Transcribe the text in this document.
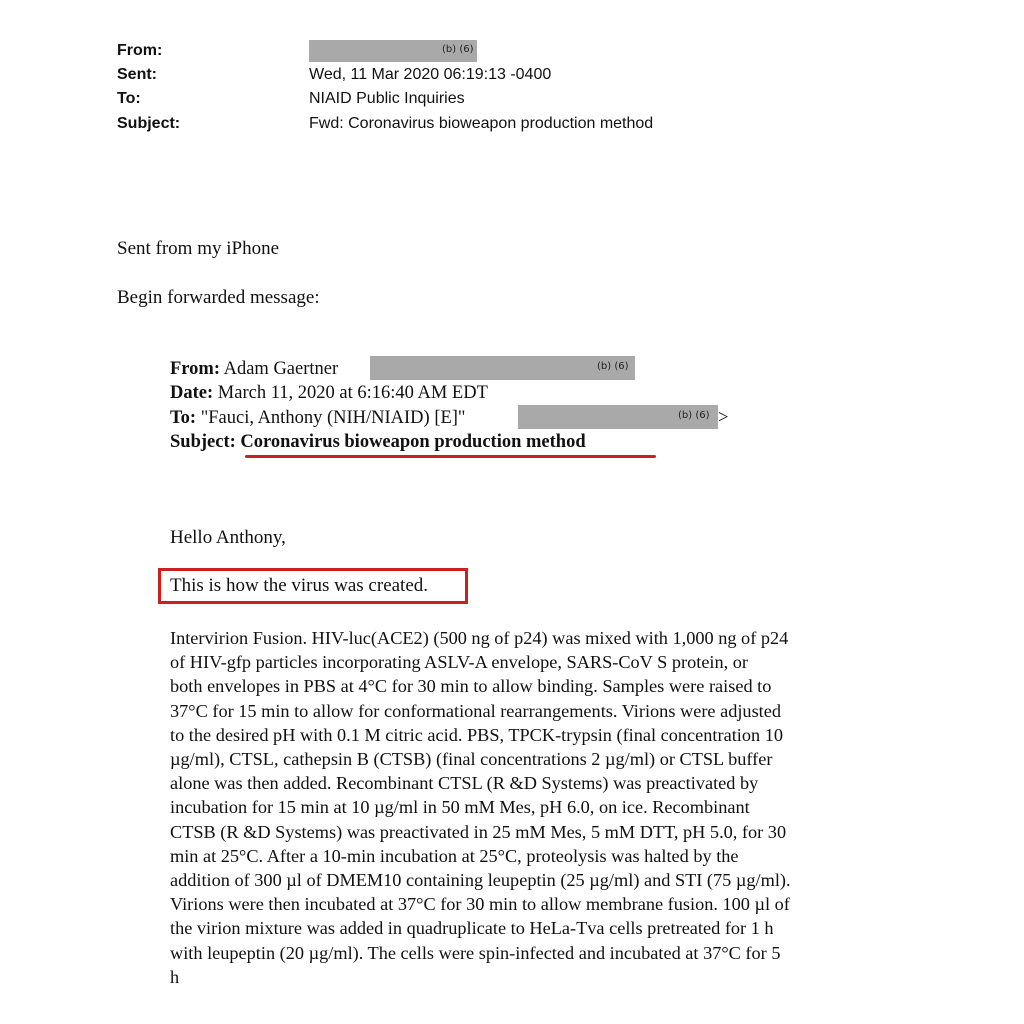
From:	(b) (6)
Sent:	Wed, 11 Mar 2020 06:19:13 -0400
To:	NIAID Public Inquiries
Subject:	Fwd: Coronavirus bioweapon production method
Sent from my iPhone
Begin forwarded message:
From: Adam Gaertner	(b) (6)
Date: March 11, 2020 at 6:16:40 AM EDT
To: "Fauci, Anthony (NIH/NIAID) [E]"	(b) (6) >
Subject: Coronavirus bioweapon production method
Hello Anthony,
This is how the virus was created.
Intervirion Fusion. HIV-luc(ACE2) (500 ng of p24) was mixed with 1,000 ng of p24
of HIV-gfp particles incorporating ASLV-A envelope, SARS-CoV S protein, or
both envelopes in PBS at 4°C for 30 min to allow binding. Samples were raised to
37°C for 15 min to allow for conformational rearrangements. Virions were adjusted
to the desired pH with 0.1 M citric acid. PBS, TPCK-trypsin (final concentration 10
µg/ml), CTSL, cathepsin B (CTSB) (final concentrations 2 µg/ml) or CTSL buffer
alone was then added. Recombinant CTSL (R &D Systems) was preactivated by
incubation for 15 min at 10 µg/ml in 50 mM Mes, pH 6.0, on ice. Recombinant
CTSB (R &D Systems) was preactivated in 25 mM Mes, 5 mM DTT, pH 5.0, for 30
min at 25°C. After a 10-min incubation at 25°C, proteolysis was halted by the
addition of 300 µl of DMEM10 containing leupeptin (25 µg/ml) and STI (75 µg/ml).
Virions were then incubated at 37°C for 30 min to allow membrane fusion. 100 µl of
the virion mixture was added in quadruplicate to HeLa-Tva cells pretreated for 1 h
with leupeptin (20 µg/ml). The cells were spin-infected and incubated at 37°C for 5
h
